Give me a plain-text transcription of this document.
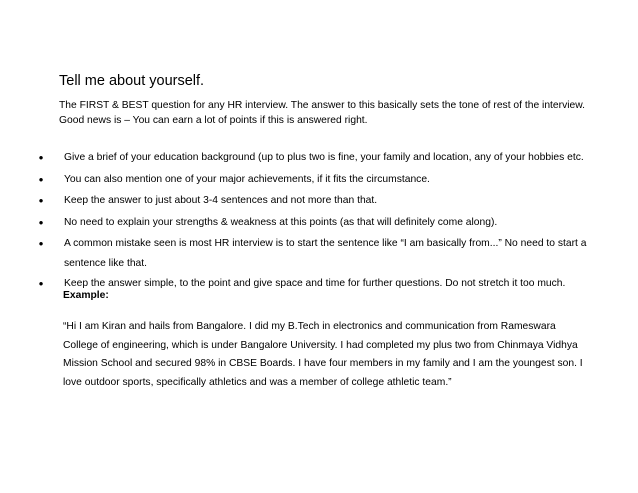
Tell me about yourself.
The FIRST & BEST question for any HR interview. The answer to this basically sets the tone of rest of the interview. Good news is – You can earn a lot of points if this is answered right.
• Give a brief of your education background (up to plus two is fine, your family and location, any of your hobbies etc.
• You can also mention one of your major achievements, if it fits the circumstance.
• Keep the answer to just about 3-4 sentences and not more than that.
• No need to explain your strengths & weakness at this points (as that will definitely come along).
• A common mistake seen is most HR interview is to start the sentence like “I am basically from...” No need to start a sentence like that.
• Keep the answer simple, to the point and give space and time for further questions. Do not stretch it too much.
Example:
“Hi I am Kiran and hails from Bangalore. I did my B.Tech in electronics and communication from Rameswara College of engineering, which is under Bangalore University. I had completed my plus two from Chinmaya Vidhya Mission School and secured 98% in CBSE Boards. I have four members in my family and I am the youngest son. I love outdoor sports, specifically athletics and was a member of college athletic team.”
